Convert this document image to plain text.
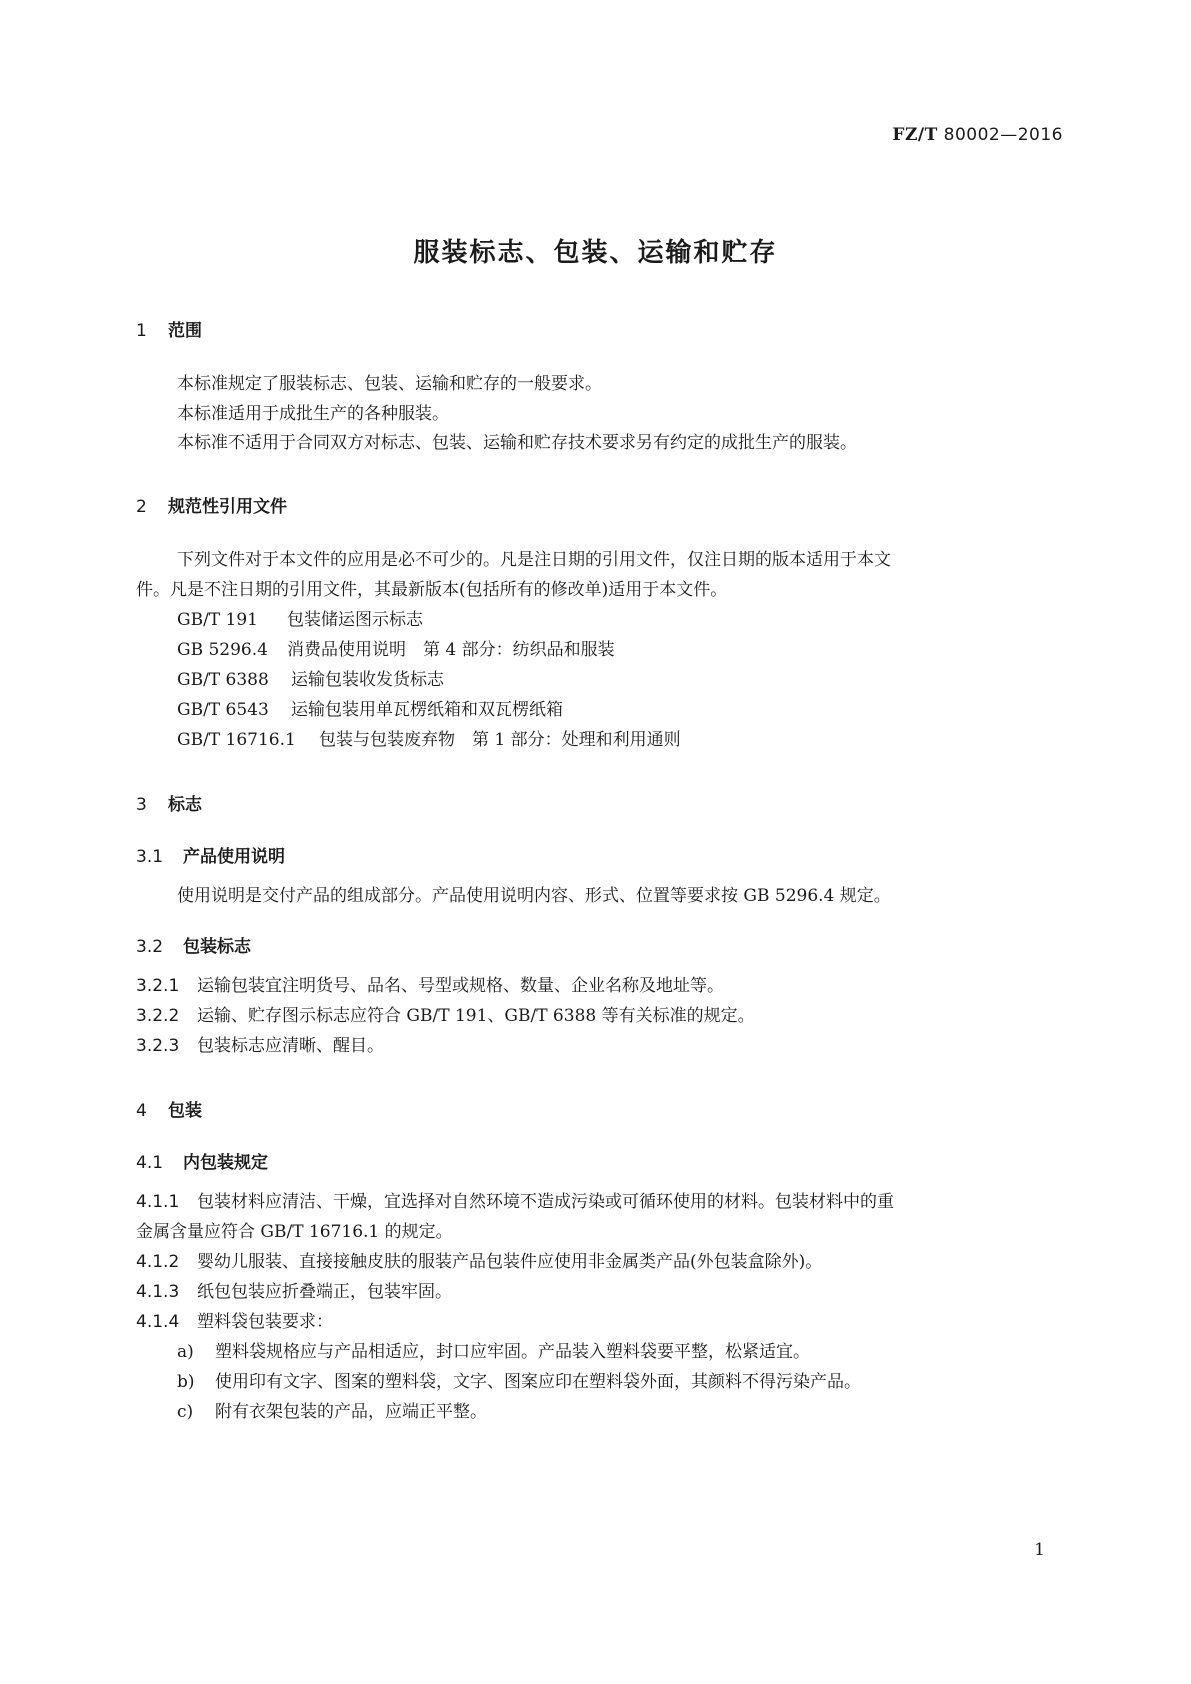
FZ/T 80002—2016
服装标志、包装、运输和贮存
1 范围
本标准规定了服装标志、包装、运输和贮存的一般要求。
本标准适用于成批生产的各种服装。
本标准不适用于合同双方对标志、包装、运输和贮存技术要求另有约定的成批生产的服装。
2 规范性引用文件
下列文件对于本文件的应用是必不可少的。凡是注日期的引用文件，仅注日期的版本适用于本文
件。凡是不注日期的引用文件，其最新版本(包括所有的修改单)适用于本文件。
GB/T 191 包装储运图示标志
GB 5296.4 消费品使用说明　第 4 部分：纺织品和服装
GB/T 6388 运输包装收发货标志
GB/T 6543 运输包装用单瓦楞纸箱和双瓦楞纸箱
GB/T 16716.1 包装与包装废弃物　第 1 部分：处理和利用通则
3 标志
3.1 产品使用说明
使用说明是交付产品的组成部分。产品使用说明内容、形式、位置等要求按 GB 5296.4 规定。
3.2 包装标志
3.2.1 运输包装宜注明货号、品名、号型或规格、数量、企业名称及地址等。
3.2.2 运输、贮存图示标志应符合 GB/T 191、GB/T 6388 等有关标准的规定。
3.2.3 包装标志应清晰、醒目。
4 包装
4.1 内包装规定
4.1.1 包装材料应清洁、干燥，宜选择对自然环境不造成污染或可循环使用的材料。包装材料中的重
金属含量应符合 GB/T 16716.1 的规定。
4.1.2 婴幼儿服装、直接接触皮肤的服装产品包装件应使用非金属类产品(外包装盒除外)。
4.1.3 纸包包装应折叠端正，包装牢固。
4.1.4 塑料袋包装要求：
a) 塑料袋规格应与产品相适应，封口应牢固。产品装入塑料袋要平整，松紧适宜。
b) 使用印有文字、图案的塑料袋，文字、图案应印在塑料袋外面，其颜料不得污染产品。
c) 附有衣架包装的产品，应端正平整。
1
